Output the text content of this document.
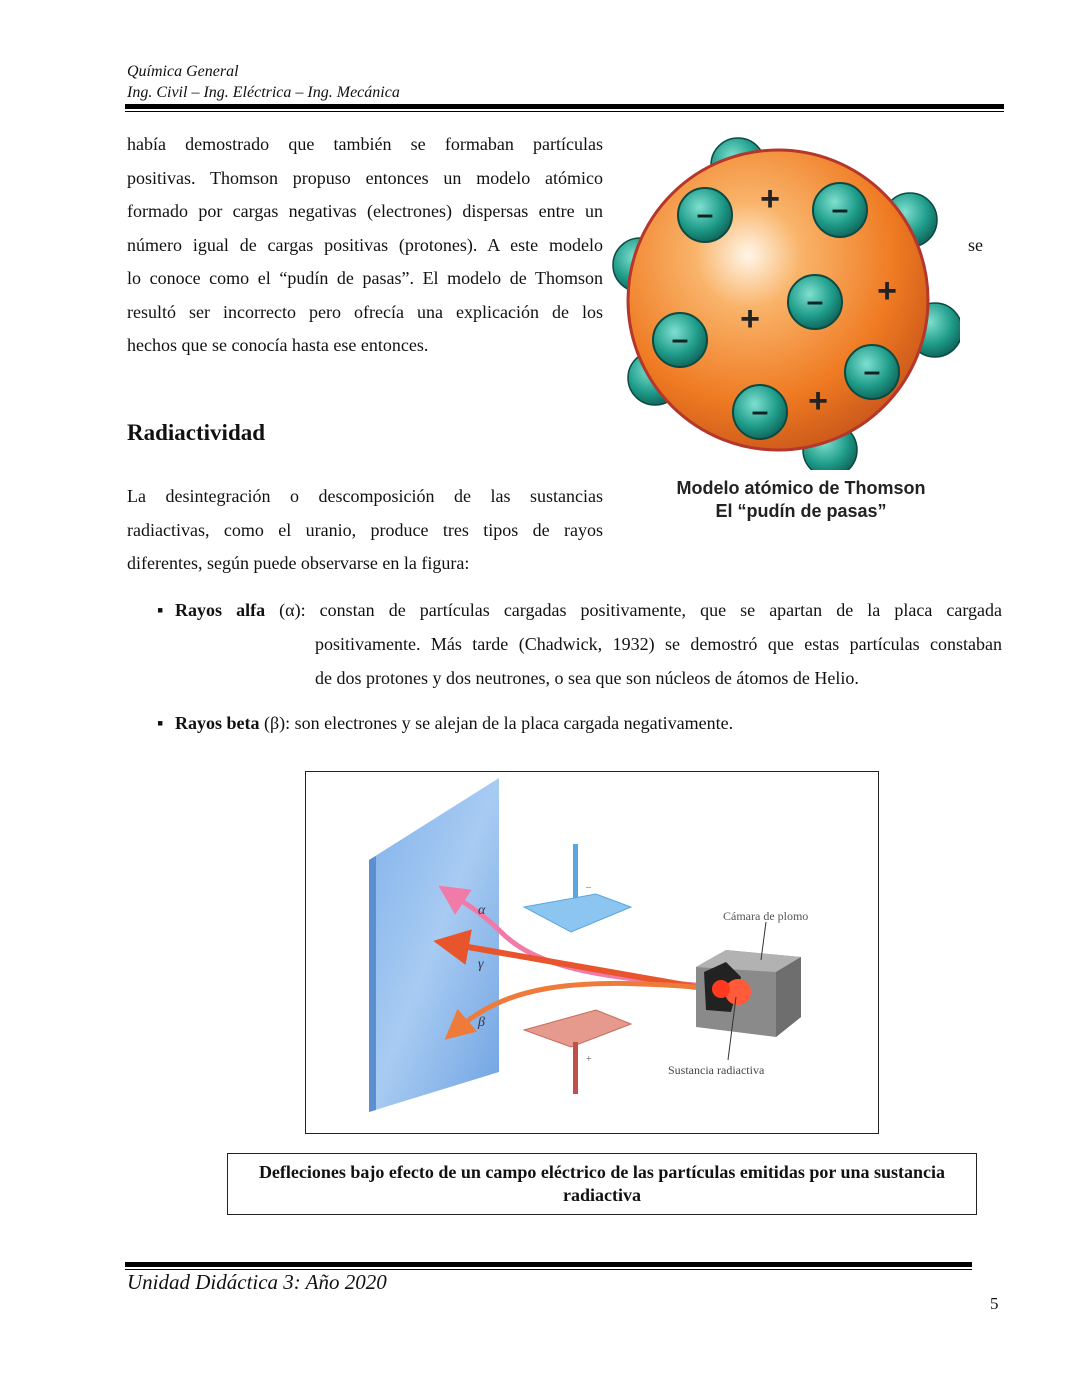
Química General
Ing. Civil – Ing. Eléctrica – Ing. Mecánica
había demostrado que también se formaban partículas
positivas. Thomson propuso entonces un modelo atómico
formado por cargas negativas (electrones) dispersas entre un
número igual de cargas positivas (protones). A este modelo
lo conoce como el “pudín de pasas”. El modelo de Thomson
resultó ser incorrecto pero ofrecía una explicación de los
hechos que se conocía hasta ese entonces.
se
–	–
–
–
–
–
+
+
+
+
Modelo atómico de Thomson
El “pudín de pasas”
Radiactividad
La desintegración o descomposición de las sustancias
radiactivas, como el uranio, produce tres tipos de rayos
diferentes, según puede observarse en la figura:
▪ Rayos alfa (α): constan de partículas cargadas positivamente, que se apartan de la placa cargada
positivamente. Más tarde (Chadwick, 1932) se demostró que estas partículas constaban
de dos protones y dos neutrones, o sea que son núcleos de átomos de Helio.
▪ Rayos beta (β): son electrones y se alejan de la placa cargada negativamente.
α
γ
β
–
+
Cámara de plomo
Sustancia radiactiva
Defleciones bajo efecto de un campo eléctrico de las partículas emitidas por una sustancia radiactiva
Unidad Didáctica 3: Año 2020
5
